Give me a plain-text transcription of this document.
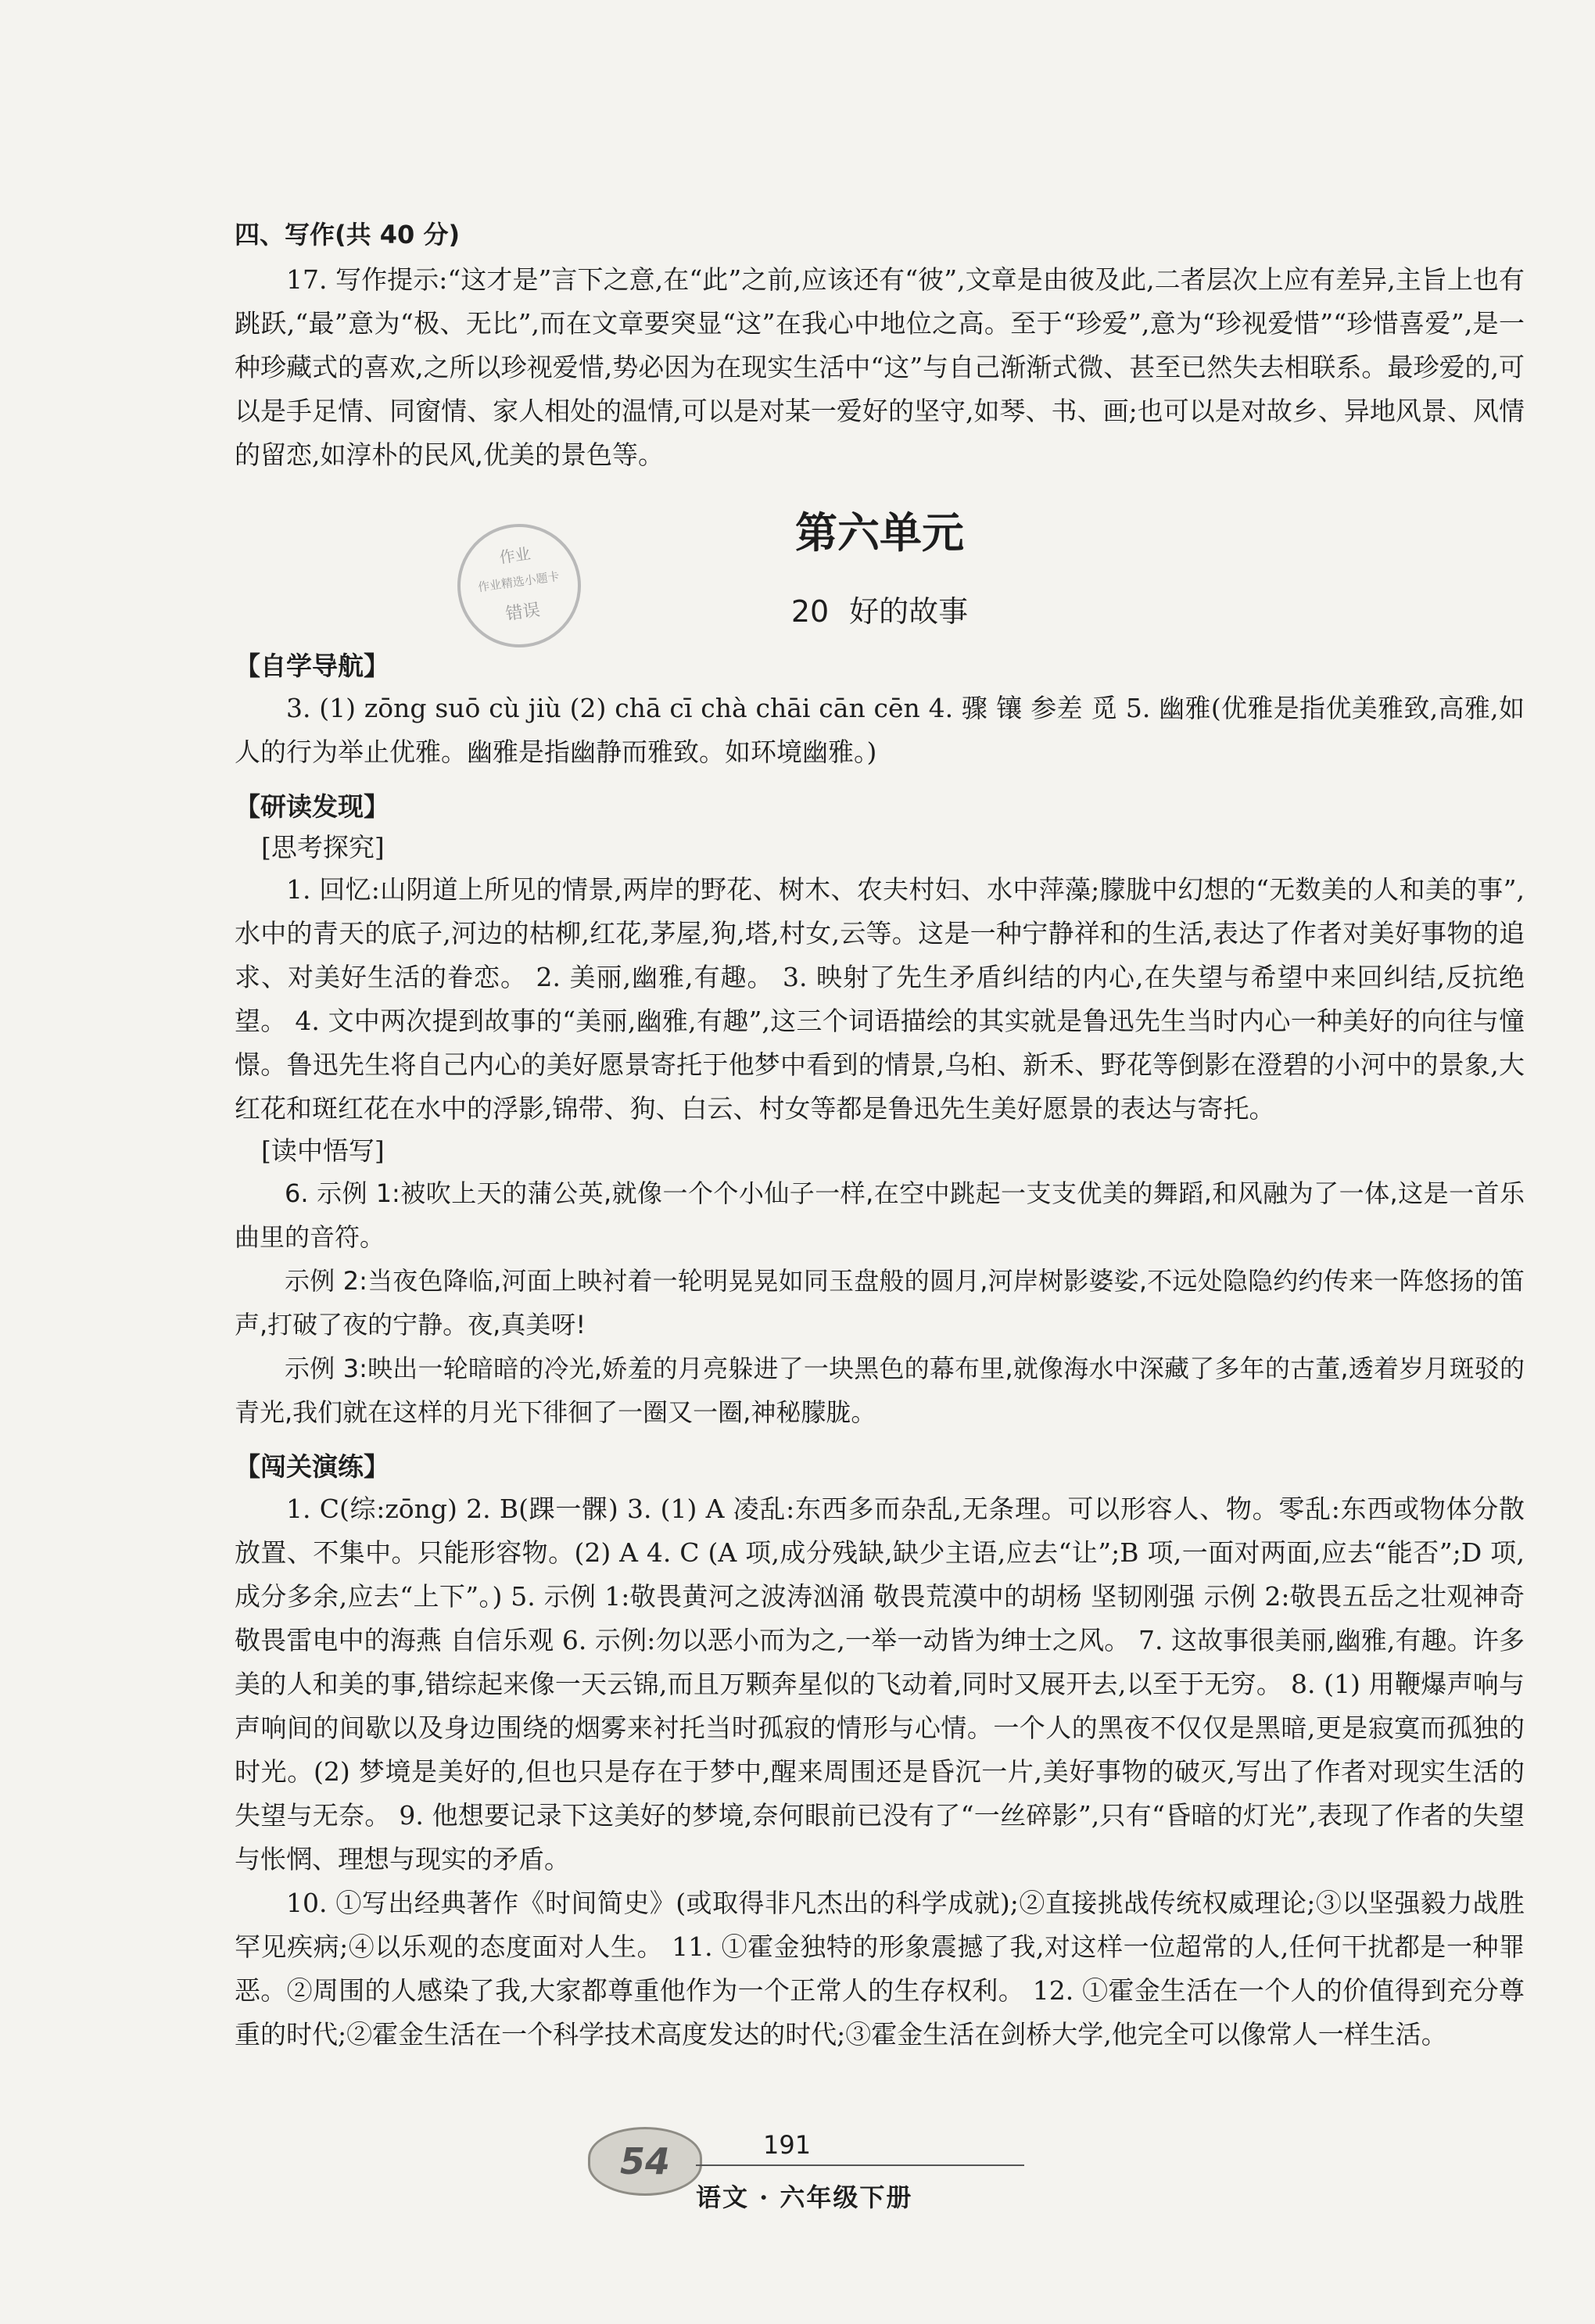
作业
作业精选小题卡
错误

四、写作(共 40 分)

17. 写作提示:“这才是”言下之意,在“此”之前,应该还有“彼”,文章是由彼及此,二者层次上应有差异,主旨上也有跳跃,“最”意为“极、无比”,而在文章要突显“这”在我心中地位之高。至于“珍爱”,意为“珍视爱惜”“珍惜喜爱”,是一种珍藏式的喜欢,之所以珍视爱惜,势必因为在现实生活中“这”与自己渐渐式微、甚至已然失去相联系。最珍爱的,可以是手足情、同窗情、家人相处的温情,可以是对某一爱好的坚守,如琴、书、画;也可以是对故乡、异地风景、风情的留恋,如淳朴的民风,优美的景色等。

第六单元
20 好的故事

【自学导航】

3. (1) zōng suō cù jiù (2) chā cī chà chāi cān cēn 4. 骤 镶 参差 觅 5. 幽雅(优雅是指优美雅致,高雅,如人的行为举止优雅。幽雅是指幽静而雅致。如环境幽雅。)

【研读发现】

[思考探究]

1. 回忆:山阴道上所见的情景,两岸的野花、树木、农夫村妇、水中萍藻;朦胧中幻想的“无数美的人和美的事”,水中的青天的底子,河边的枯柳,红花,茅屋,狗,塔,村女,云等。这是一种宁静祥和的生活,表达了作者对美好事物的追求、对美好生活的眷恋。 2. 美丽,幽雅,有趣。 3. 映射了先生矛盾纠结的内心,在失望与希望中来回纠结,反抗绝望。 4. 文中两次提到故事的“美丽,幽雅,有趣”,这三个词语描绘的其实就是鲁迅先生当时内心一种美好的向往与憧憬。鲁迅先生将自己内心的美好愿景寄托于他梦中看到的情景,乌桕、新禾、野花等倒影在澄碧的小河中的景象,大红花和斑红花在水中的浮影,锦带、狗、白云、村女等都是鲁迅先生美好愿景的表达与寄托。

[读中悟写]

6. 示例 1:被吹上天的蒲公英,就像一个个小仙子一样,在空中跳起一支支优美的舞蹈,和风融为了一体,这是一首乐曲里的音符。

示例 2:当夜色降临,河面上映衬着一轮明晃晃如同玉盘般的圆月,河岸树影婆娑,不远处隐隐约约传来一阵悠扬的笛声,打破了夜的宁静。夜,真美呀!

示例 3:映出一轮暗暗的冷光,娇羞的月亮躲进了一块黑色的幕布里,就像海水中深藏了多年的古董,透着岁月斑驳的青光,我们就在这样的月光下徘徊了一圈又一圈,神秘朦胧。

【闯关演练】

1. C(综:zōng) 2. B(踝一髁) 3. (1) A 凌乱:东西多而杂乱,无条理。可以形容人、物。零乱:东西或物体分散放置、不集中。只能形容物。(2) A 4. C (A 项,成分残缺,缺少主语,应去“让”;B 项,一面对两面,应去“能否”;D 项,成分多余,应去“上下”。) 5. 示例 1:敬畏黄河之波涛汹涌 敬畏荒漠中的胡杨 坚韧刚强 示例 2:敬畏五岳之壮观神奇 敬畏雷电中的海燕 自信乐观 6. 示例:勿以恶小而为之,一举一动皆为绅士之风。 7. 这故事很美丽,幽雅,有趣。许多美的人和美的事,错综起来像一天云锦,而且万颗奔星似的飞动着,同时又展开去,以至于无穷。 8. (1) 用鞭爆声响与声响间的间歇以及身边围绕的烟雾来衬托当时孤寂的情形与心情。一个人的黑夜不仅仅是黑暗,更是寂寞而孤独的时光。(2) 梦境是美好的,但也只是存在于梦中,醒来周围还是昏沉一片,美好事物的破灭,写出了作者对现实生活的失望与无奈。 9. 他想要记录下这美好的梦境,奈何眼前已没有了“一丝碎影”,只有“昏暗的灯光”,表现了作者的失望与怅惘、理想与现实的矛盾。

10. ①写出经典著作《时间简史》(或取得非凡杰出的科学成就);②直接挑战传统权威理论;③以坚强毅力战胜罕见疾病;④以乐观的态度面对人生。 11. ①霍金独特的形象震撼了我,对这样一位超常的人,任何干扰都是一种罪恶。②周围的人感染了我,大家都尊重他作为一个正常人的生存权利。 12. ①霍金生活在一个人的价值得到充分尊重的时代;②霍金生活在一个科学技术高度发达的时代;③霍金生活在剑桥大学,他完全可以像常人一样生活。

54	191
语文 · 六年级下册
